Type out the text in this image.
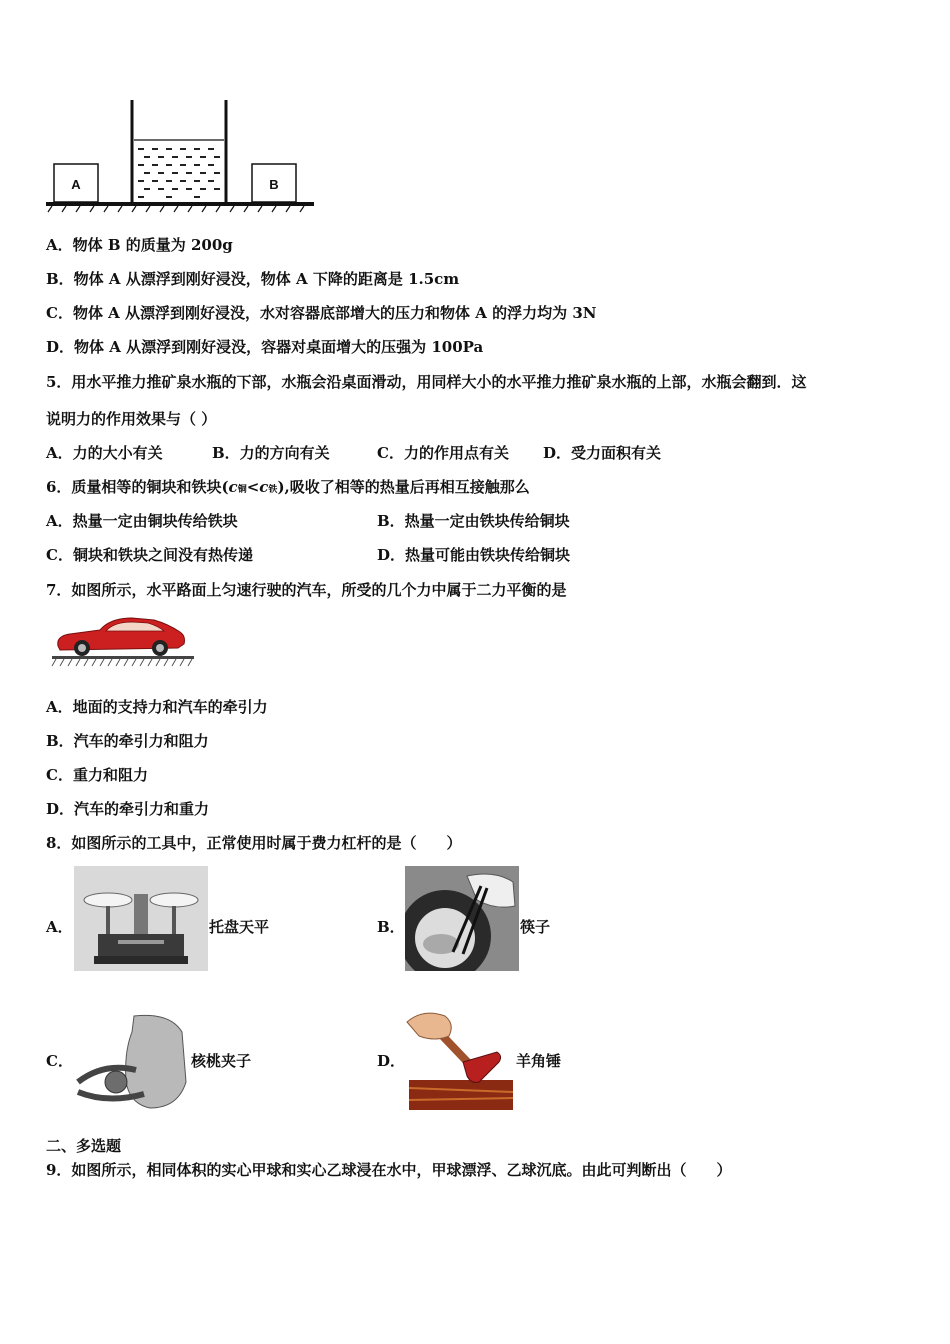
A	B
A．物体 B 的质量为 200g
B．物体 A 从漂浮到刚好浸没，物体 A 下降的距离是 1.5cm
C．物体 A 从漂浮到刚好浸没，水对容器底部增大的压力和物体 A 的浮力均为 3N
D．物体 A 从漂浮到刚好浸没，容器对桌面增大的压强为 100Pa
5．用水平推力推矿泉水瓶的下部，水瓶会沿桌面滑动，用同样大小的水平推力推矿泉水瓶的上部，水瓶会翻到．这
说明力的作用效果与（ ）
A．力的大小有关	B．力的方向有关	C．力的作用点有关 D．受力面积有关
6．质量相等的铜块和铁块(c铜<c铁),吸收了相等的热量后再相互接触那么
A．热量一定由铜块传给铁块	B．热量一定由铁块传给铜块
C．铜块和铁块之间没有热传递	D．热量可能由铁块传给铜块
7．如图所示，水平路面上匀速行驶的汽车，所受的几个力中属于二力平衡的是
A．地面的支持力和汽车的牵引力
B．汽车的牵引力和阻力
C．重力和阻力
D．汽车的牵引力和重力
8．如图所示的工具中，正常使用时属于费力杠杆的是（　　）
A．	托盘天平	B．	筷子
C．	核桃夹子	D．	羊角锤
二、多选题
9．如图所示，相同体积的实心甲球和实心乙球浸在水中，甲球漂浮、乙球沉底。由此可判断出（　　）
